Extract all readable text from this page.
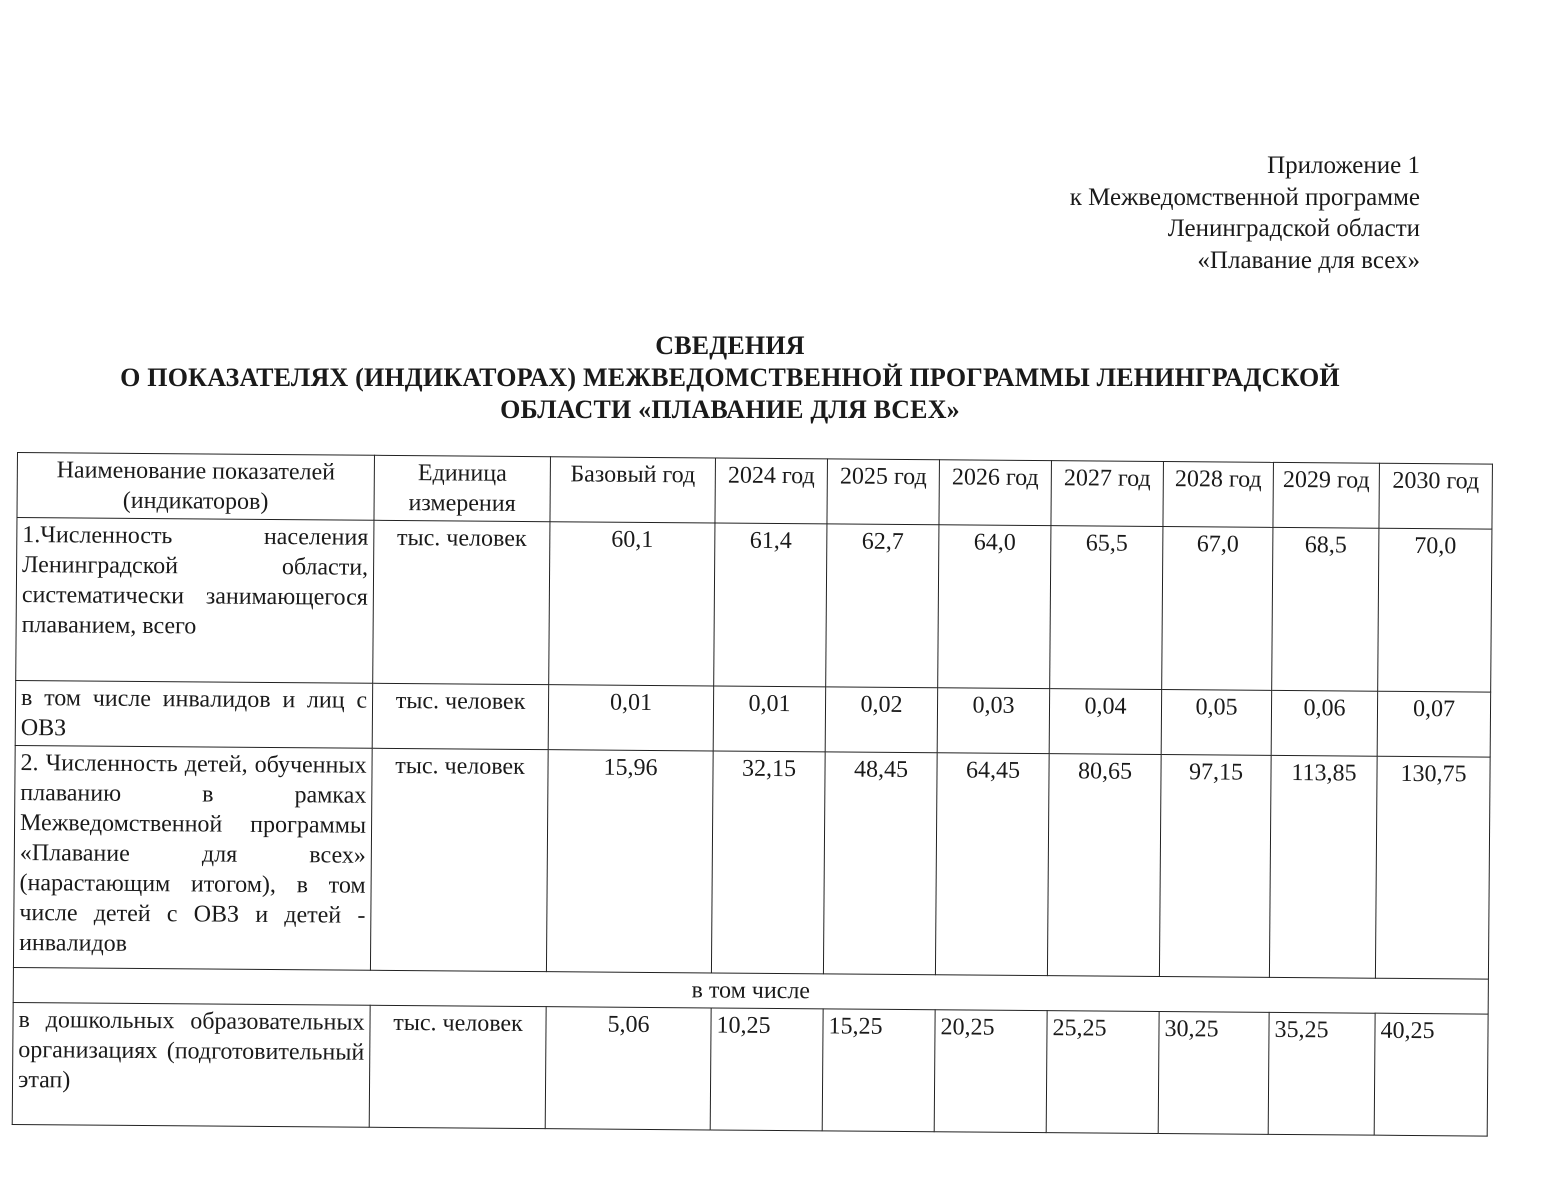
Приложение 1
к Межведомственной программе
Ленинградской области
«Плавание для всех»
СВЕДЕНИЯ
О ПОКАЗАТЕЛЯХ (ИНДИКАТОРАХ) МЕЖВЕДОМСТВЕННОЙ ПРОГРАММЫ ЛЕНИНГРАДСКОЙ
ОБЛАСТИ «ПЛАВАНИЕ ДЛЯ ВСЕХ»
Наименование показателей (индикаторов)	Единица измерения	Базовый год	2024 год	2025 год	2026 год	2027 год	2028 год	2029 год	2030 год
1.Численность населения Ленинградской области, систематически занимающегося плаванием, всего	тыс. человек	60,1	61,4	62,7	64,0	65,5	67,0	68,5	70,0
в том числе инвалидов и лиц с ОВЗ	тыс. человек	0,01	0,01	0,02	0,03	0,04	0,05	0,06	0,07
2. Численность детей, обученных плаванию в рамках Межведомственной программы «Плавание для всех» (нарастающим итогом), в том числе детей с ОВЗ и детей - инвалидов	тыс. человек	15,96	32,15	48,45	64,45	80,65	97,15	113,85	130,75
в том числе									
в дошкольных образовательных организациях (подготовительный этап)	тыс. человек	5,06	10,25	15,25	20,25	25,25	30,25	35,25	40,25
